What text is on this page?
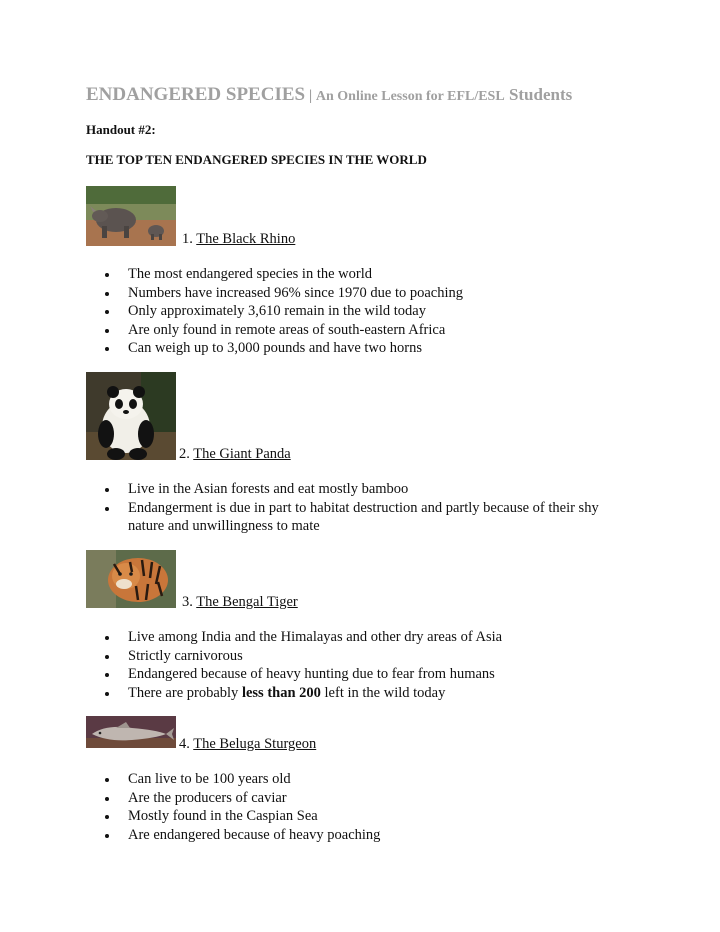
ENDANGERED SPECIES | An Online Lesson for EFL/ESL Students
Handout #2:
THE TOP TEN ENDANGERED SPECIES IN THE WORLD
1. The Black Rhino
The most endangered species in the world
Numbers have increased 96% since 1970 due to poaching
Only approximately 3,610 remain in the wild today
Are only found in remote areas of south-eastern Africa
Can weigh up to 3,000 pounds and have two horns
2. The Giant Panda
Live in the Asian forests and eat mostly bamboo
Endangerment is due in part to habitat destruction and partly because of their shy nature and unwillingness to mate
3. The Bengal Tiger
Live among India and the Himalayas and other dry areas of Asia
Strictly carnivorous
Endangered because of heavy hunting due to fear from humans
There are probably less than 200 left in the wild today
4. The Beluga Sturgeon
Can live to be 100 years old
Are the producers of caviar
Mostly found in the Caspian Sea
Are endangered because of heavy poaching
